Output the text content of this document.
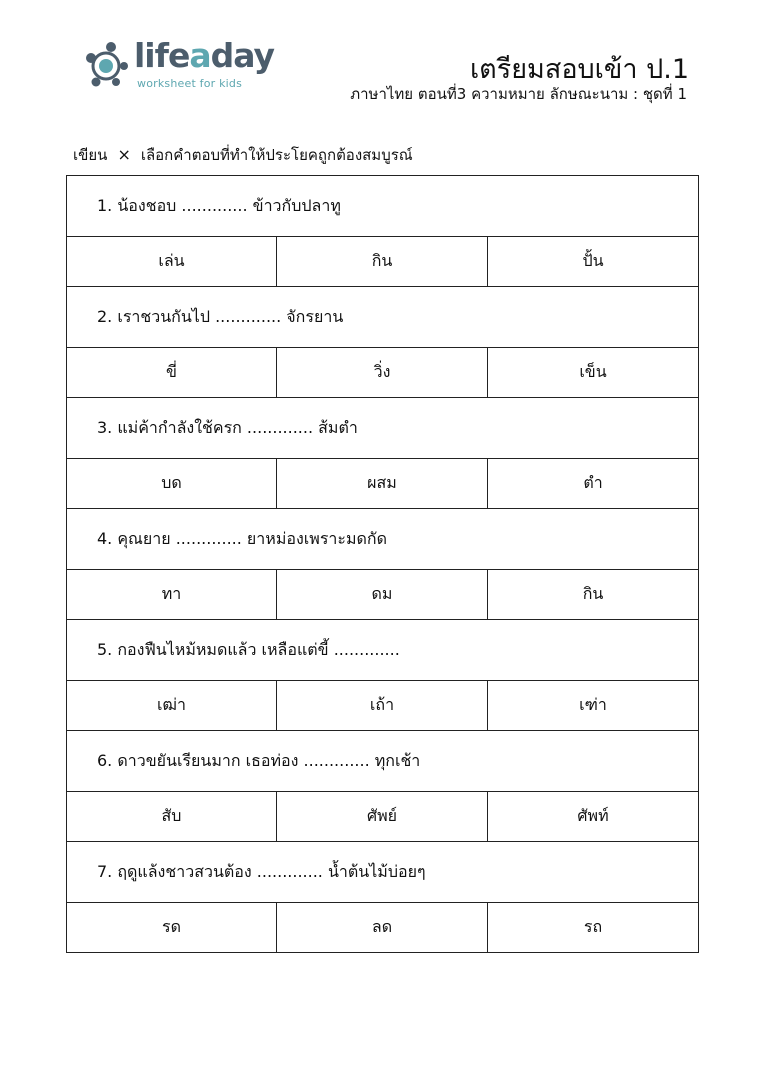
lifeaday
worksheet for kids	เตรียมสอบเข้า ป.1
ภาษาไทย ตอนที่3 ความหมาย ลักษณะนาม : ชุดที่ 1
เขียน × เลือกคำตอบที่ทำให้ประโยคถูกต้องสมบูรณ์
1. น้องชอบ ............. ข้าวกับปลาทู		
เล่น	กิน	ปั้น
2. เราชวนกันไป ............. จักรยาน		
ขี่	วิ่ง	เข็น
3. แม่ค้ากำลังใช้ครก ............. ส้มตำ		
บด	ผสม	ตำ
4. คุณยาย ............. ยาหม่องเพราะมดกัด		
ทา	ดม	กิน
5. กองฟืนไหม้หมดแล้ว เหลือแต่ขี้ .............		
เฒ่า	เถ้า	เฑ่า
6. ดาวขยันเรียนมาก เธอท่อง ............. ทุกเช้า		
สับ	ศัพย์	ศัพท์
7. ฤดูแล้งชาวสวนต้อง ............. น้ำต้นไม้บ่อยๆ		
รด	ลด	รถ
